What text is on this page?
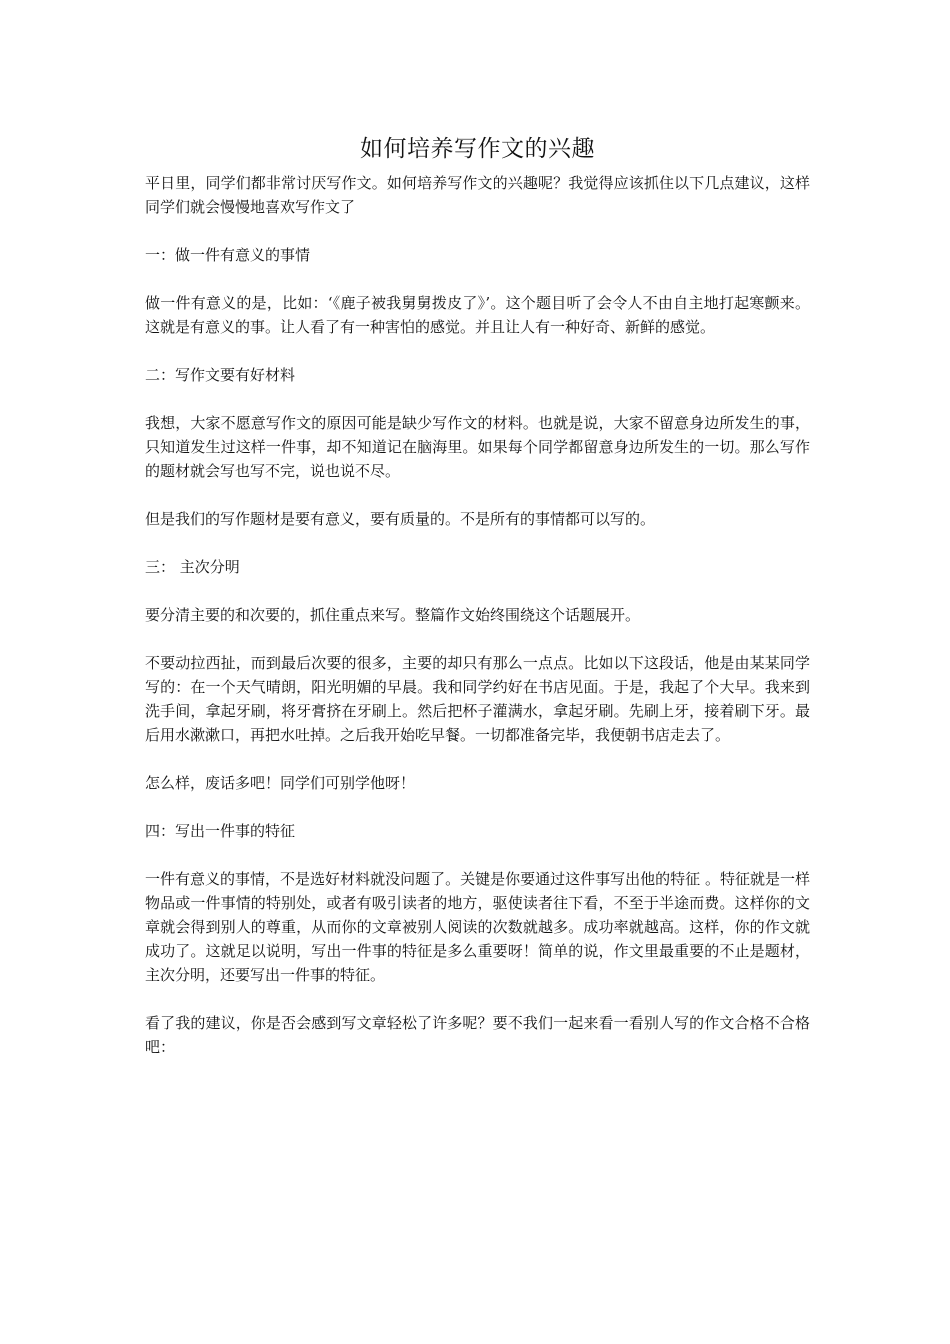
如何培养写作文的兴趣

平日里，同学们都非常讨厌写作文。如何培养写作文的兴趣呢？我觉得应该抓住以下几点建议，这样同学们就会慢慢地喜欢写作文了

一：做一件有意义的事情

做一件有意义的是，比如：‘《鹿子被我舅舅拨皮了》’。这个题目听了会令人不由自主地打起寒颤来。这就是有意义的事。让人看了有一种害怕的感觉。并且让人有一种好奇、新鲜的感觉。

二：写作文要有好材料

我想，大家不愿意写作文的原因可能是缺少写作文的材料。也就是说，大家不留意身边所发生的事，只知道发生过这样一件事，却不知道记在脑海里。如果每个同学都留意身边所发生的一切。那么写作的题材就会写也写不完，说也说不尽。

但是我们的写作题材是要有意义，要有质量的。不是所有的事情都可以写的。

三： 主次分明

要分清主要的和次要的，抓住重点来写。整篇作文始终围绕这个话题展开。

不要动拉西扯，而到最后次要的很多，主要的却只有那么一点点。比如以下这段话，他是由某某同学写的：在一个天气晴朗，阳光明媚的早晨。我和同学约好在书店见面。于是，我起了个大早。我来到洗手间，拿起牙刷，将牙膏挤在牙刷上。然后把杯子灌满水，拿起牙刷。先刷上牙，接着刷下牙。最后用水漱漱口，再把水吐掉。之后我开始吃早餐。一切都准备完毕，我便朝书店走去了。

怎么样，废话多吧！同学们可别学他呀！

四：写出一件事的特征

一件有意义的事情，不是选好材料就没问题了。关键是你要通过这件事写出他的特征 。特征就是一样物品或一件事情的特别处，或者有吸引读者的地方，驱使读者往下看，不至于半途而费。这样你的文章就会得到别人的尊重，从而你的文章被别人阅读的次数就越多。成功率就越高。这样，你的作文就成功了。这就足以说明，写出一件事的特征是多么重要呀！简单的说，作文里最重要的不止是题材，主次分明，还要写出一件事的特征。

看了我的建议，你是否会感到写文章轻松了许多呢？要不我们一起来看一看别人写的作文合格不合格吧：
